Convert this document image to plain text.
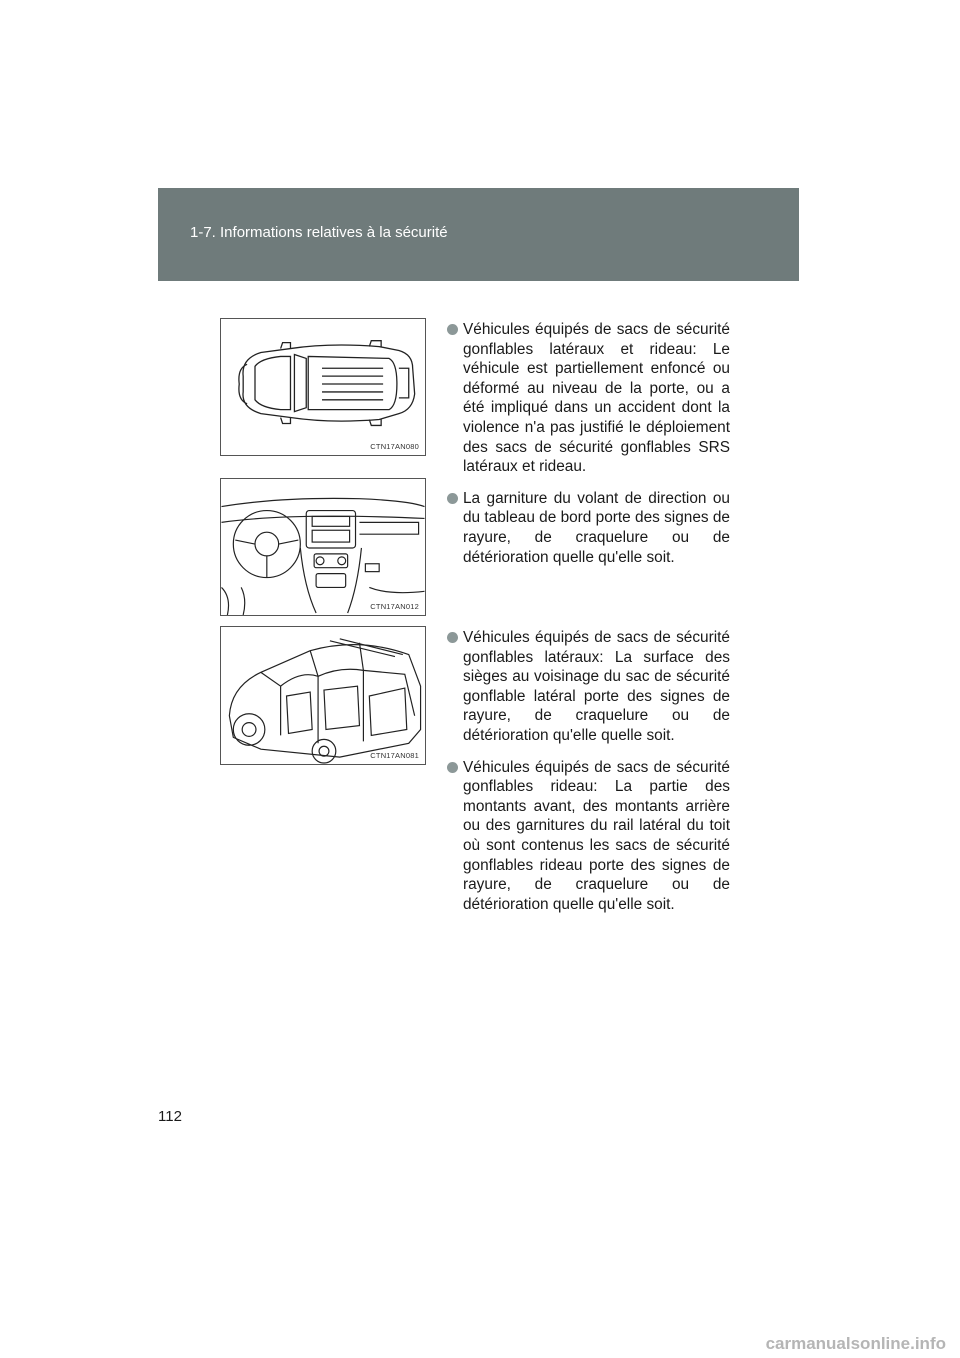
1-7. Informations relatives à la sécurité
CTN17AN080
CTN17AN012
CTN17AN081
Véhicules équipés de sacs de sécurité gonflables latéraux et rideau: Le véhicule est partiellement enfoncé ou déformé au niveau de la porte, ou a été impliqué dans un accident dont la violence n'a pas justifié le déploiement des sacs de sécurité gonflables SRS latéraux et rideau.
La garniture du volant de direction ou du tableau de bord porte des signes de rayure, de craquelure ou de détérioration quelle qu'elle soit.
Véhicules équipés de sacs de sécurité gonflables latéraux: La surface des sièges au voisinage du sac de sécurité gonflable latéral porte des signes de rayure, de craquelure ou de détérioration qu'elle quelle soit.
Véhicules équipés de sacs de sécurité gonflables rideau: La partie des montants avant, des montants arrière ou des garnitures du rail latéral du toit où sont contenus les sacs de sécurité gonflables rideau porte des signes de rayure, de craquelure ou de détérioration quelle qu'elle soit.
112
carmanualsonline.info
